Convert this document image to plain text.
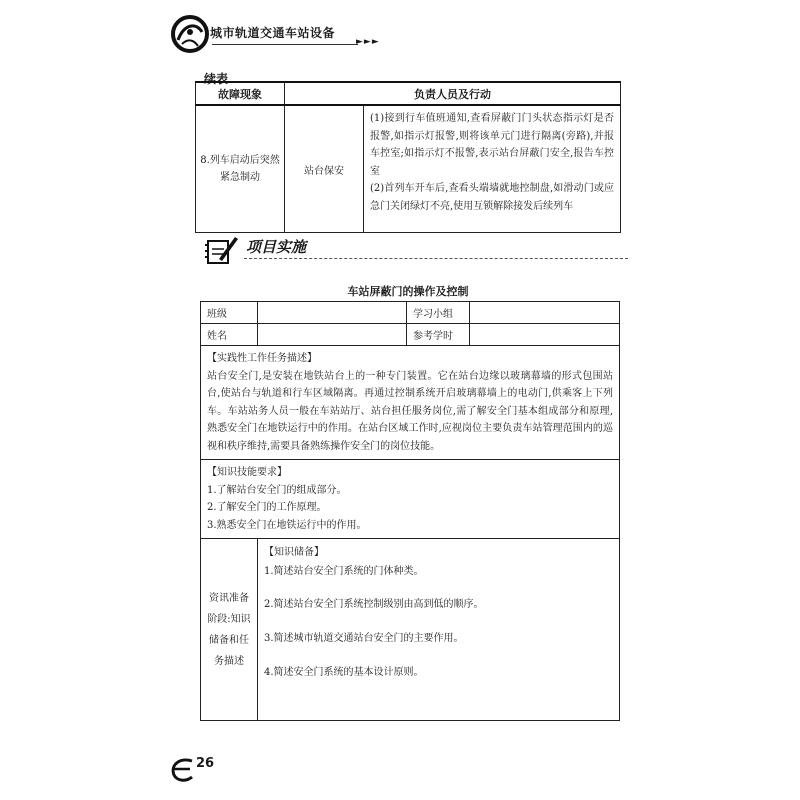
城市轨道交通车站设备
►►►
续表
故障现象	负责人员及行动	
8.列车启动后突然紧急制动	站台保安	(1)接到行车值班通知,查看屏蔽门门头状态指示灯是否报警,如指示灯报警,则将该单元门进行隔离(旁路),并报车控室;如指示灯不报警,表示站台屏蔽门安全,报告车控室

(2)首列车开车后,查看头端墙就地控制盘,如滑动门或应急门关闭绿灯不亮,使用互锁解除接发后续列车

项目实施
车站屏蔽门的操作及控制
班级		学习小组	
姓名		参考学时	

【实践性工作任务描述】

站台安全门,是安装在地铁站台上的一种专门装置。它在站台边缘以玻璃幕墙的形式包围站台,使站台与轨道和行车区域隔离。再通过控制系统开启玻璃幕墙上的电动门,供乘客上下列车。车站站务人员一般在车站站厅、站台担任服务岗位,需了解安全门基本组成部分和原理,熟悉安全门在地铁运行中的作用。在站台区域工作时,应视岗位主要负责车站管理范围内的巡视和秩序维持,需要具备熟练操作安全门的岗位技能。			

【知识技能要求】

1.了解站台安全门的组成部分。

2.了解安全门的工作原理。

3.熟悉安全门在地铁运行中的作用。			

资讯准备阶段:知识储备和任务描述	【知识储备】

1.简述站台安全门系统的门体种类。

2.简述站台安全门系统控制级别由高到低的顺序。

3.简述城市轨道交通站台安全门的主要作用。

4.简述安全门系统的基本设计原则。		

26
